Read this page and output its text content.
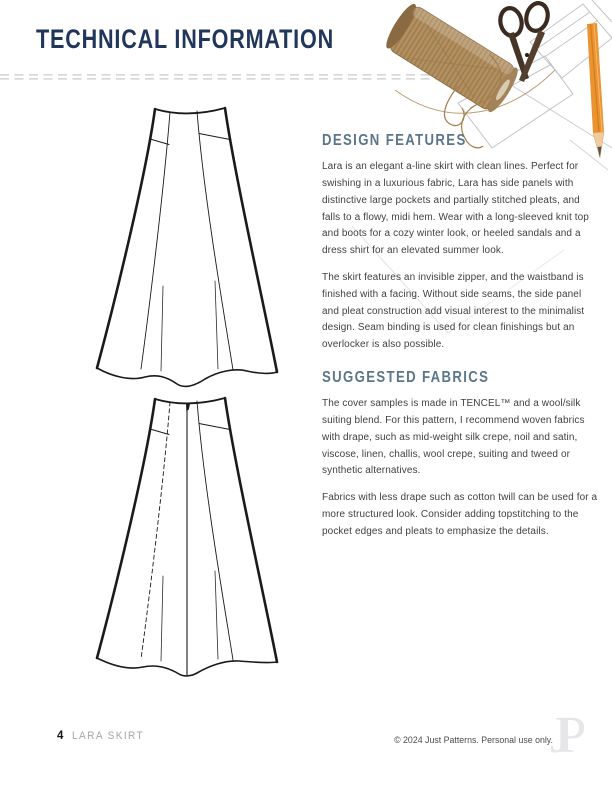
TECHNICAL INFORMATION
DESIGN FEATURES

Lara is an elegant a-line skirt with clean lines. Perfect for swishing in a luxurious fabric, Lara has side panels with distinctive large pockets and partially stitched pleats, and falls to a flowy, midi hem. Wear with a long-sleeved knit top and boots for a cozy winter look, or heeled sandals and a dress shirt for an elevated summer look.

The skirt features an invisible zipper, and the waistband is finished with a facing. Without side seams, the side panel and pleat construction add visual interest to the minimalist design. Seam binding is used for clean finishings but an overlocker is also possible.

SUGGESTED FABRICS

The cover samples is made in TENCEL™ and a wool/silk suiting blend. For this pattern, I recommend woven fabrics with drape, such as mid-weight silk crepe, noil and satin, viscose, linen, challis, wool crepe, suiting and tweed or synthetic alternatives.

Fabrics with less drape such as cotton twill can be used for a more structured look. Consider adding topstitching to the pocket edges and pleats to emphasize the details.

4 LARA SKIRT	© 2024 Just Patterns. Personal use only.
JP
